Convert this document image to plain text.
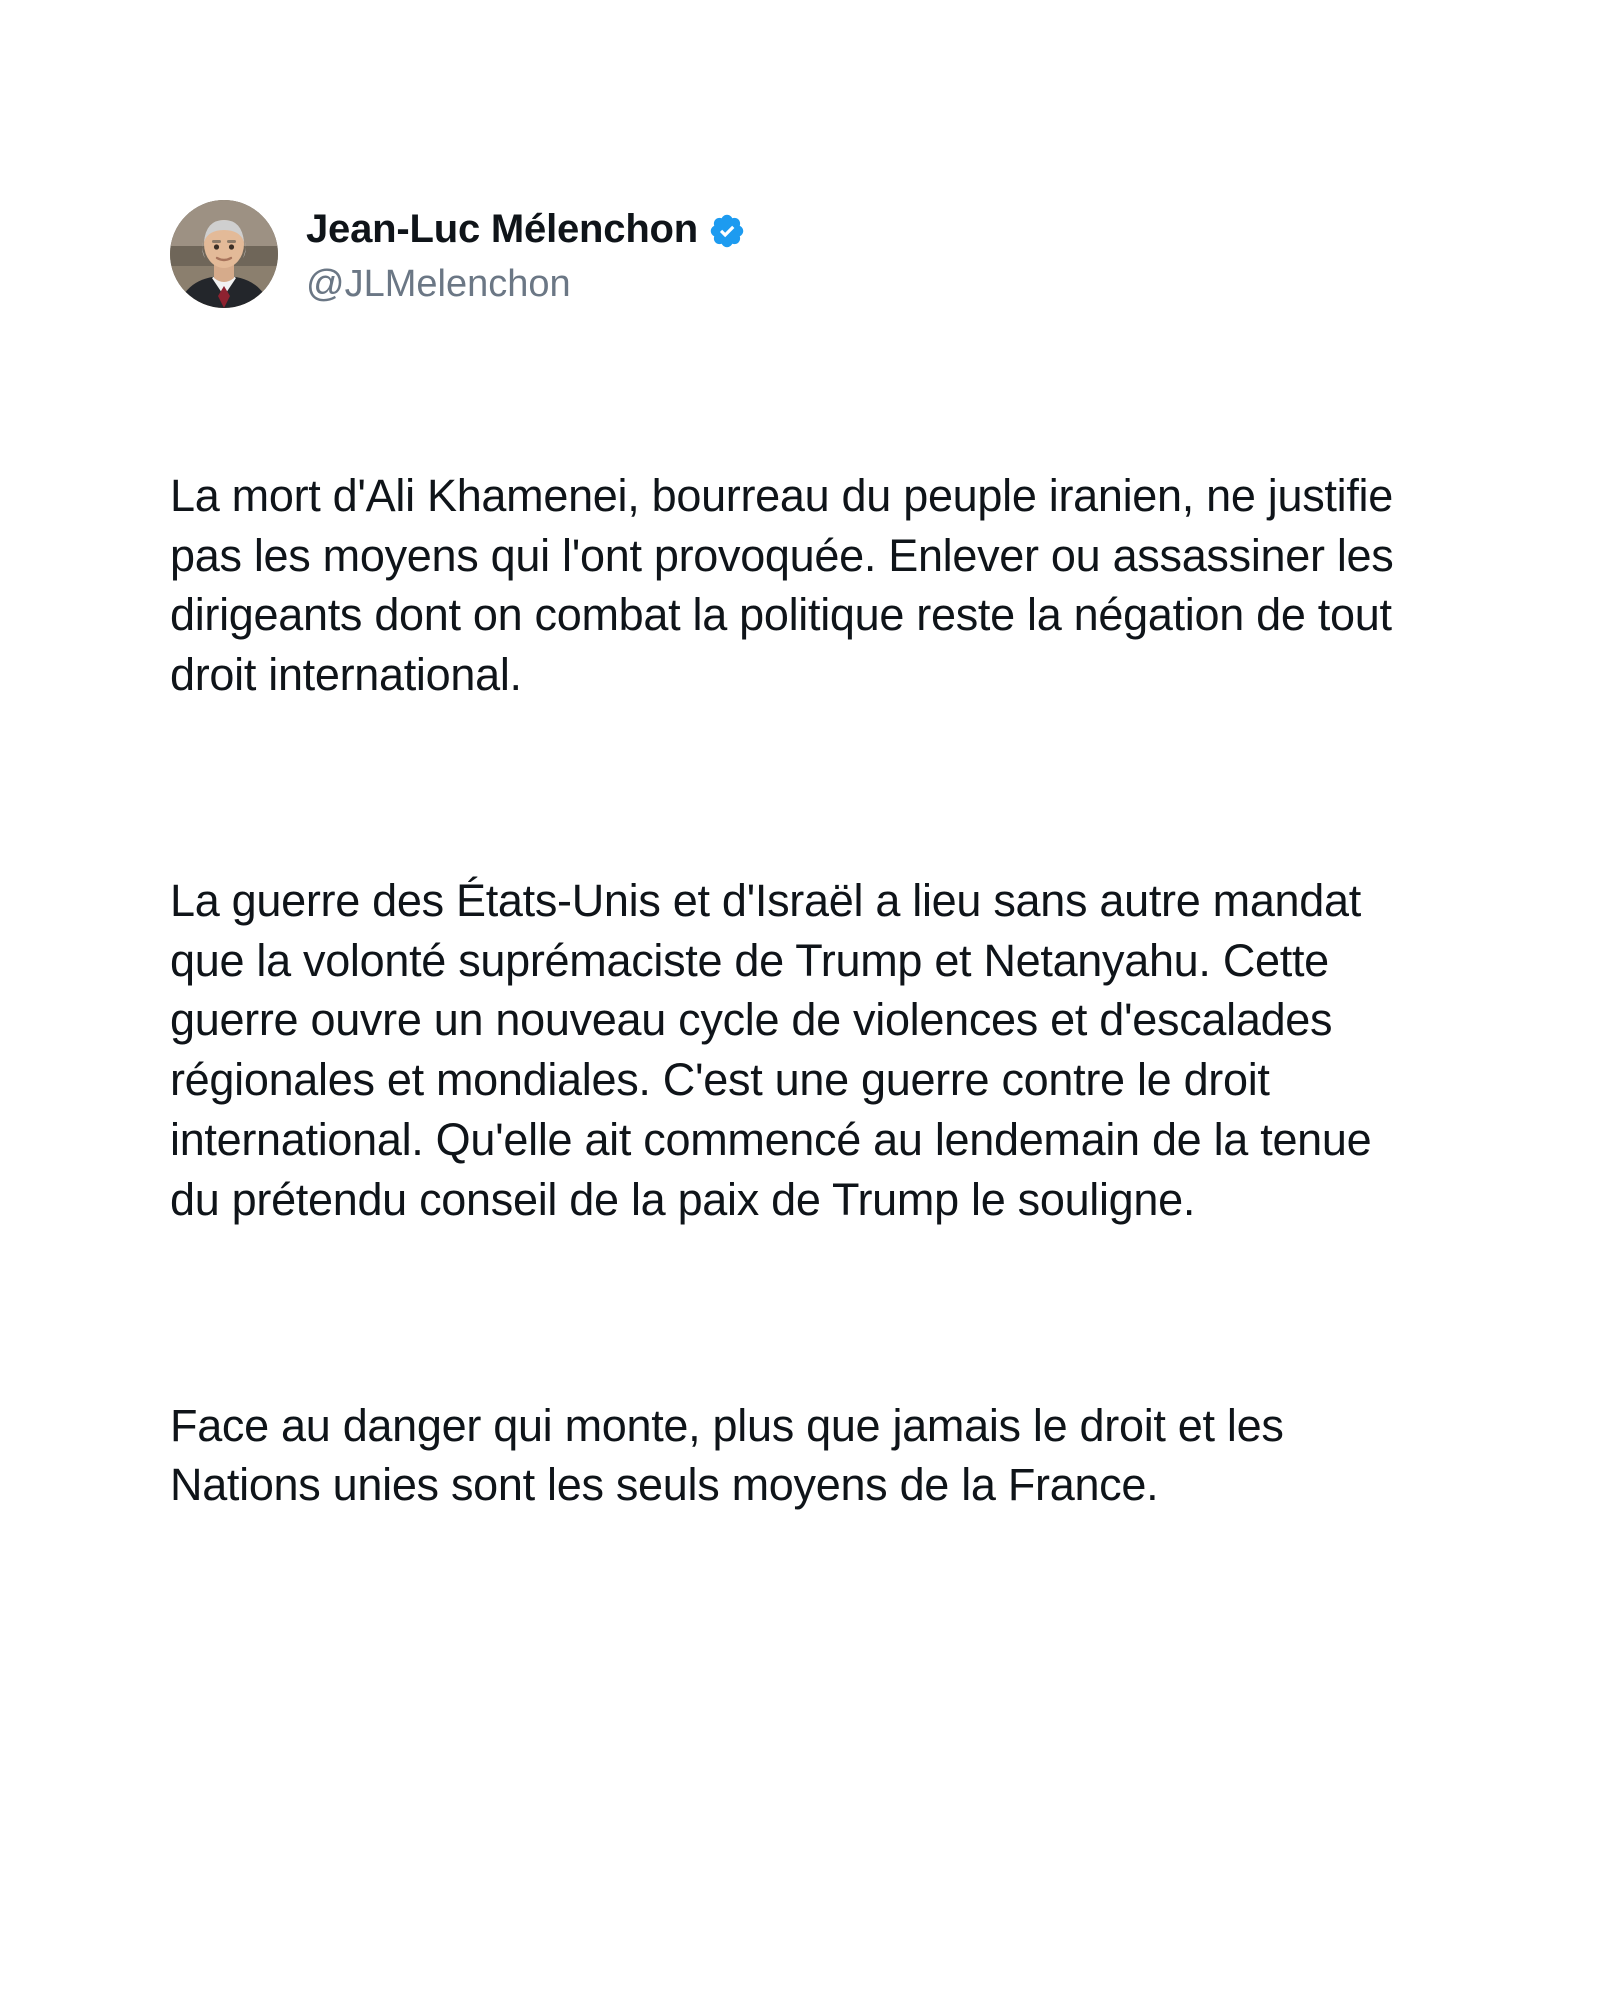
Jean-Luc Mélenchon
@JLMelenchon

La mort d'Ali Khamenei, bourreau du peuple iranien, ne justifie pas les moyens qui l'ont provoquée. Enlever ou assassiner les dirigeants dont on combat la politique reste la négation de tout droit international.

La guerre des États-Unis et d'Israël a lieu sans autre mandat que la volonté suprémaciste de Trump et Netanyahu. Cette guerre ouvre un nouveau cycle de violences et d'escalades régionales et mondiales. C'est une guerre contre le droit international. Qu'elle ait commencé au lendemain de la tenue du prétendu conseil de la paix de Trump le souligne.

Face au danger qui monte, plus que jamais le droit et les Nations unies sont les seuls moyens de la France.
